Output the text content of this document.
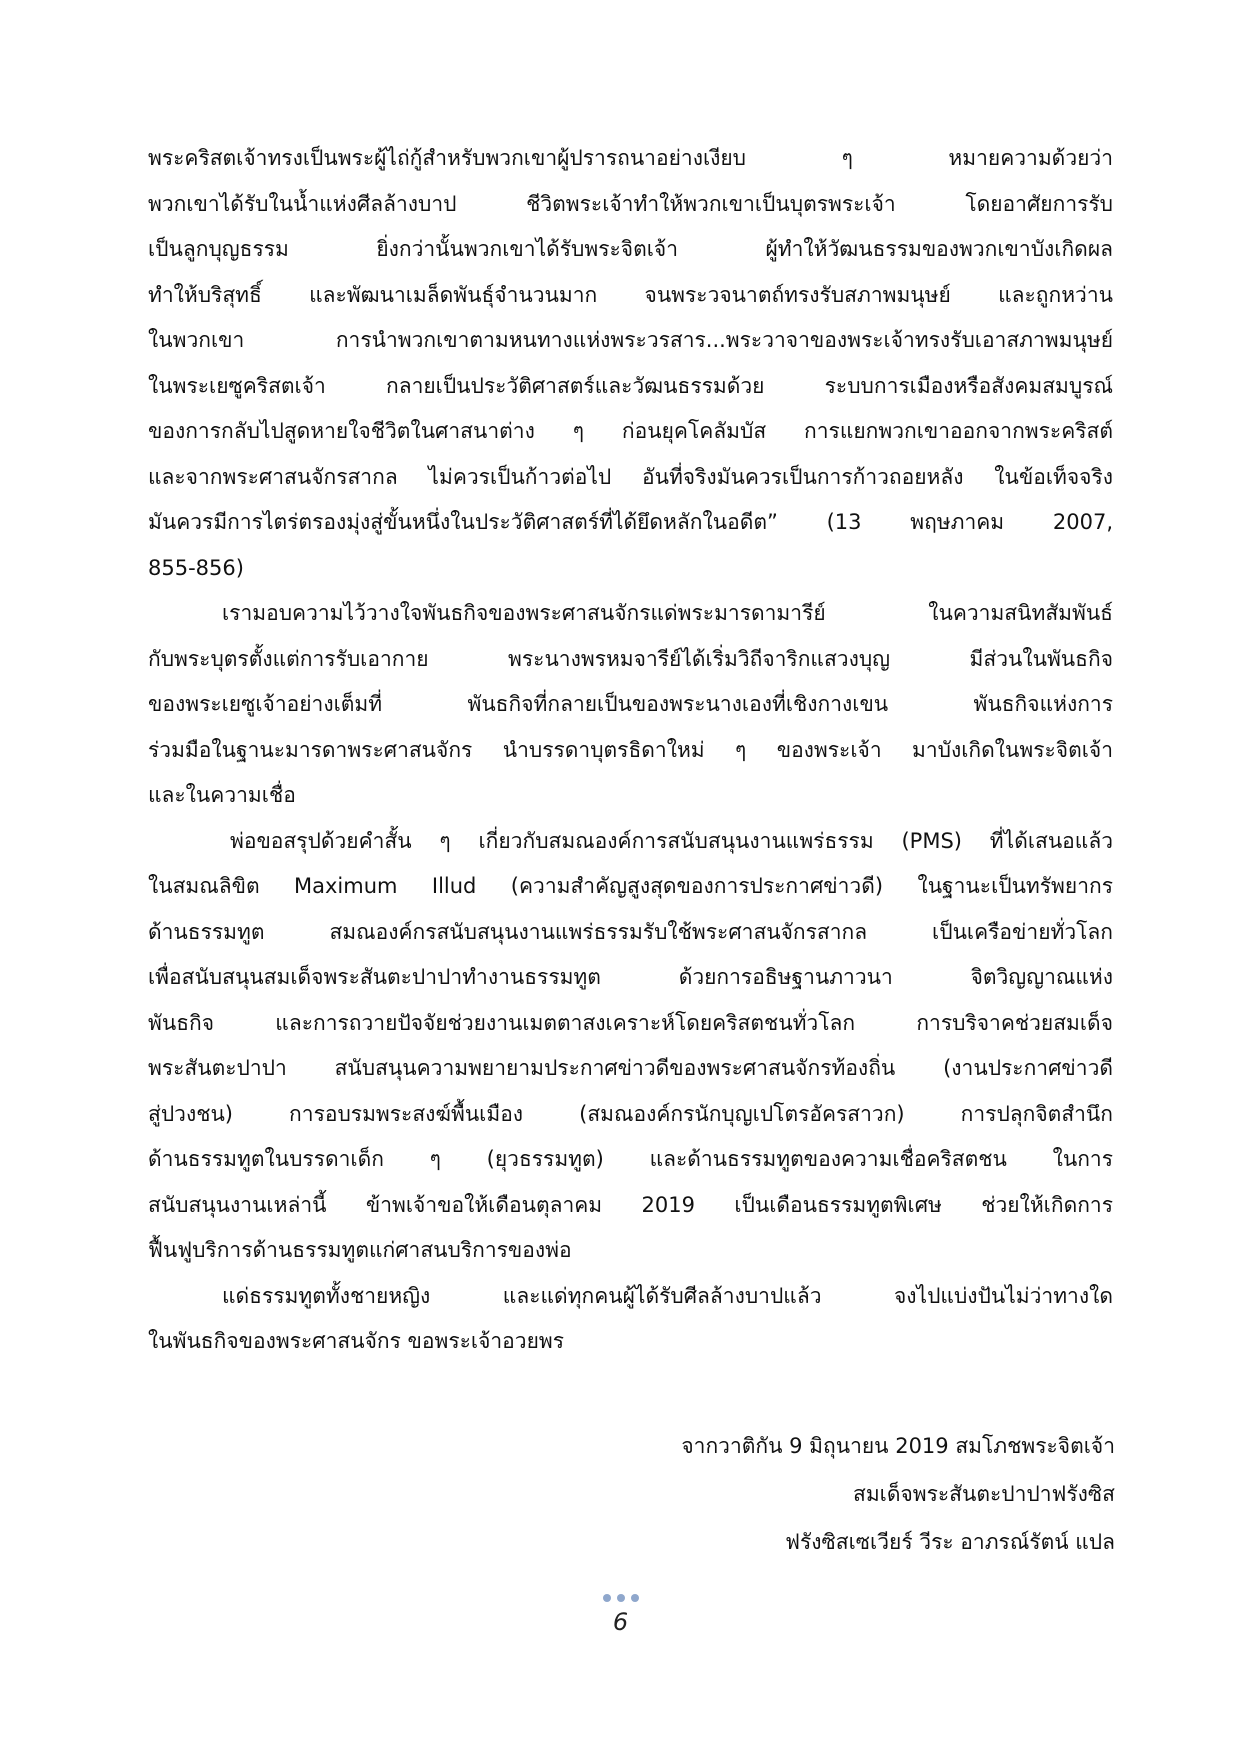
พระคริสตเจ้าทรงเป็นพระผู้ไถ่กู้สำหรับพวกเขาผู้ปรารถนาอย่างเงียบ ๆ หมายความด้วยว่า
พวกเขาได้รับในน้ำแห่งศีลล้างบาป ชีวิตพระเจ้าทำให้พวกเขาเป็นบุตรพระเจ้า โดยอาศัยการรับ
เป็นลูกบุญธรรม ยิ่งกว่านั้นพวกเขาได้รับพระจิตเจ้า ผู้ทำให้วัฒนธรรมของพวกเขาบังเกิดผล
ทำให้บริสุทธิ์ และพัฒนาเมล็ดพันธุ์จำนวนมาก จนพระวจนาตถ์ทรงรับสภาพมนุษย์ และถูกหว่าน
ในพวกเขา การนำพวกเขาตามหนทางแห่งพระวรสาร...พระวาจาของพระเจ้าทรงรับเอาสภาพมนุษย์
ในพระเยซูคริสตเจ้า กลายเป็นประวัติศาสตร์และวัฒนธรรมด้วย ระบบการเมืองหรือสังคมสมบูรณ์
ของการกลับไปสูดหายใจชีวิตในศาสนาต่าง ๆ ก่อนยุคโคลัมบัส การแยกพวกเขาออกจากพระคริสต์
และจากพระศาสนจักรสากล ไม่ควรเป็นก้าวต่อไป อันที่จริงมันควรเป็นการก้าวถอยหลัง ในข้อเท็จจริง
มันควรมีการไตร่ตรองมุ่งสู่ขั้นหนึ่งในประวัติศาสตร์ที่ได้ยึดหลักในอดีต” (13 พฤษภาคม 2007,
855-856)
เรามอบความไว้วางใจพันธกิจของพระศาสนจักรแด่พระมารดามารีย์ ในความสนิทสัมพันธ์
กับพระบุตรตั้งแต่การรับเอากาย พระนางพรหมจารีย์ได้เริ่มวิถีจาริกแสวงบุญ มีส่วนในพันธกิจ
ของพระเยซูเจ้าอย่างเต็มที่ พันธกิจที่กลายเป็นของพระนางเองที่เชิงกางเขน พันธกิจแห่งการ
ร่วมมือในฐานะมารดาพระศาสนจักร นำบรรดาบุตรธิดาใหม่ ๆ ของพระเจ้า มาบังเกิดในพระจิตเจ้า
และในความเชื่อ
พ่อขอสรุปด้วยคำสั้น ๆ เกี่ยวกับสมณองค์การสนับสนุนงานแพร่ธรรม (PMS) ที่ได้เสนอแล้ว
ในสมณลิขิต Maximum Illud (ความสำคัญสูงสุดของการประกาศข่าวดี) ในฐานะเป็นทรัพยากร
ด้านธรรมทูต สมณองค์กรสนับสนุนงานแพร่ธรรมรับใช้พระศาสนจักรสากล เป็นเครือข่ายทั่วโลก
เพื่อสนับสนุนสมเด็จพระสันตะปาปาทำงานธรรมทูต ด้วยการอธิษฐานภาวนา จิตวิญญาณแห่ง
พันธกิจ และการถวายปัจจัยช่วยงานเมตตาสงเคราะห์โดยคริสตชนทั่วโลก การบริจาคช่วยสมเด็จ
พระสันตะปาปา สนับสนุนความพยายามประกาศข่าวดีของพระศาสนจักรท้องถิ่น (งานประกาศข่าวดี
สู่ปวงชน) การอบรมพระสงฆ์พื้นเมือง (สมณองค์กรนักบุญเปโตรอัครสาวก) การปลุกจิตสำนึก
ด้านธรรมทูตในบรรดาเด็ก ๆ (ยุวธรรมทูต) และด้านธรรมทูตของความเชื่อคริสตชน ในการ
สนับสนุนงานเหล่านี้ ข้าพเจ้าขอให้เดือนตุลาคม 2019 เป็นเดือนธรรมทูตพิเศษ ช่วยให้เกิดการ
ฟื้นฟูบริการด้านธรรมทูตแก่ศาสนบริการของพ่อ
แด่ธรรมทูตทั้งชายหญิง และแด่ทุกคนผู้ได้รับศีลล้างบาปแล้ว จงไปแบ่งปันไม่ว่าทางใด
ในพันธกิจของพระศาสนจักร ขอพระเจ้าอวยพร
จากวาติกัน 9 มิถุนายน 2019 สมโภชพระจิตเจ้า
สมเด็จพระสันตะปาปาฟรังซิส
ฟรังซิสเซเวียร์ วีระ อาภรณ์รัตน์ แปล
6
